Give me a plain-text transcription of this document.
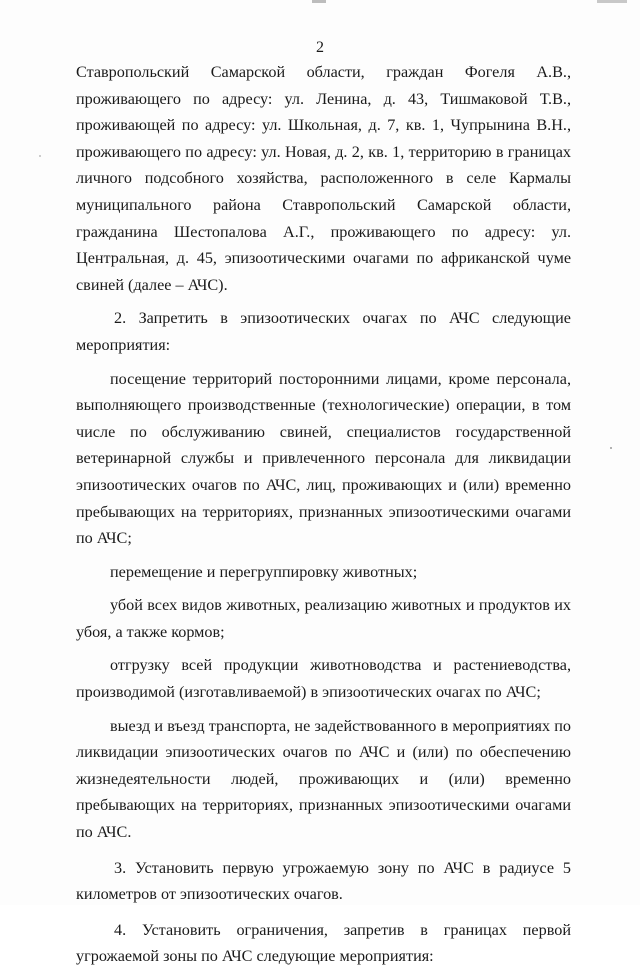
2

Ставропольский Самарской области, граждан Фогеля А.В., проживающего по адресу: ул. Ленина, д. 43, Тишмаковой Т.В., проживающей по адресу: ул. Школьная, д. 7, кв. 1, Чупрынина В.Н., проживающего по адресу: ул. Новая, д. 2, кв. 1, территорию в границах личного подсобного хозяйства, расположенного в селе Кармалы муниципального района Ставропольский Самарской области, гражданина Шестопалова А.Г., проживающего по адресу: ул. Центральная, д. 45, эпизоотическими очагами по африканской чуме свиней (далее – АЧС).

2. Запретить в эпизоотических очагах по АЧС следующие мероприятия:

посещение территорий посторонними лицами, кроме персонала, выполняющего производственные (технологические) операции, в том числе по обслуживанию свиней, специалистов государственной ветеринарной службы и привлеченного персонала для ликвидации эпизоотических очагов по АЧС, лиц, проживающих и (или) временно пребывающих на территориях, признанных эпизоотическими очагами по АЧС;

перемещение и перегруппировку животных;

убой всех видов животных, реализацию животных и продуктов их убоя, а также кормов;

отгрузку всей продукции животноводства и растениеводства, производимой (изготавливаемой) в эпизоотических очагах по АЧС;

выезд и въезд транспорта, не задействованного в мероприятиях по ликвидации эпизоотических очагов по АЧС и (или) по обеспечению жизнедеятельности людей, проживающих и (или) временно пребывающих на территориях, признанных эпизоотическими очагами по АЧС.

3. Установить первую угрожаемую зону по АЧС в радиусе 5 километров от эпизоотических очагов.

4. Установить ограничения, запретив в границах первой угрожаемой зоны по АЧС следующие мероприятия:
